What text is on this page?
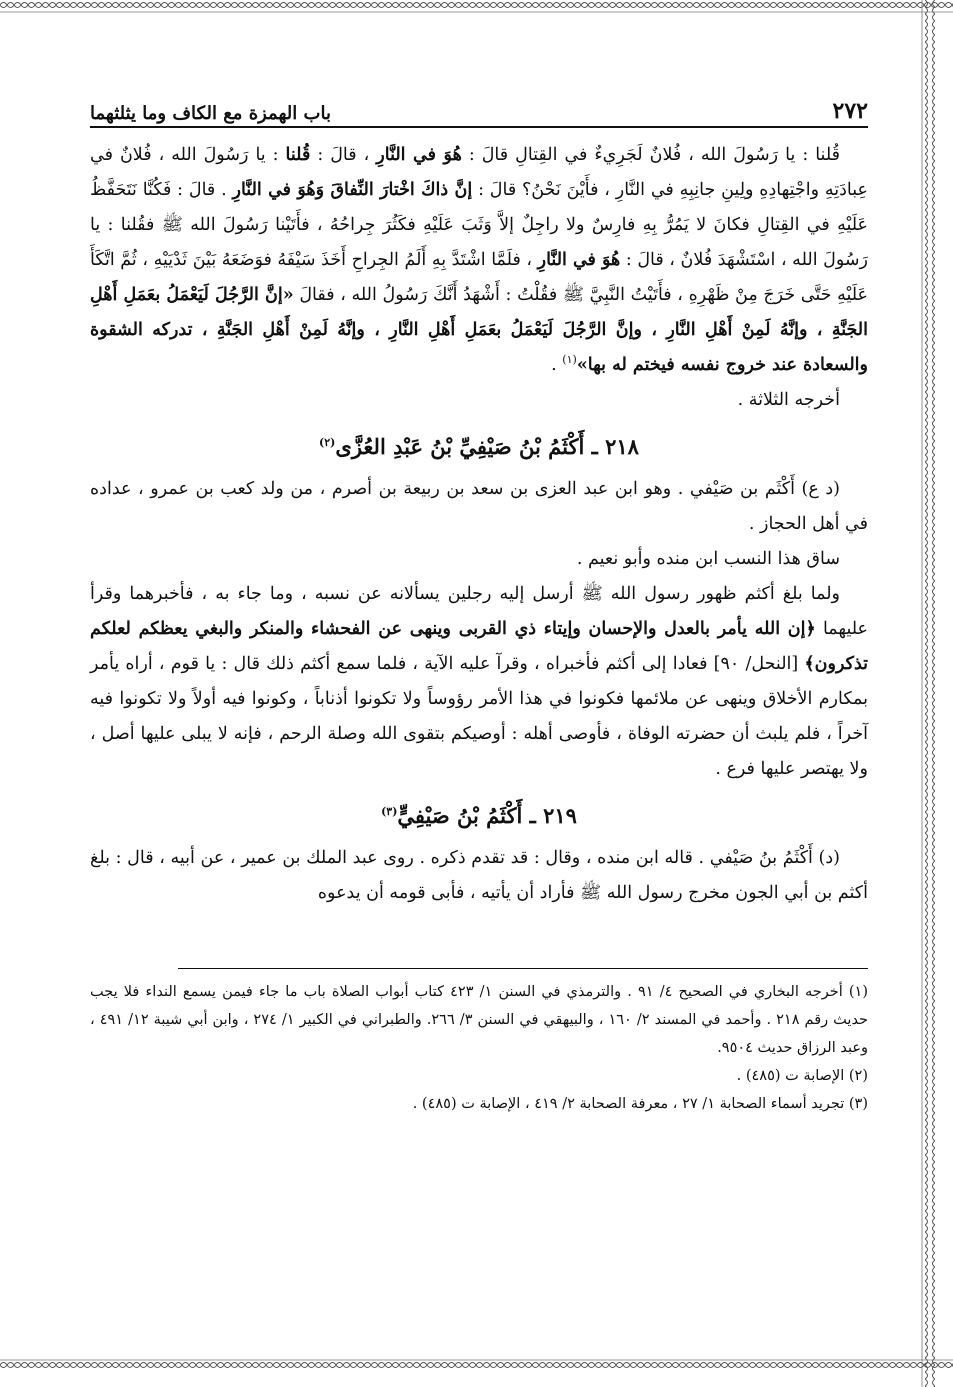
٢٧٢
باب الهمزة مع الكاف وما يثلثهما

قُلنا : يا رَسُولَ الله ، فُلانٌ لَجَرِيءٌ في القِتالِ قالَ : هُوَ في النَّارِ ، قالَ : قُلنا : يا رَسُولَ الله ، فُلانٌ في عِبادَتِهِ واجْتِهادِهِ ولِينِ جانِبِهِ في النَّارِ ، فأَيْنَ نَحْنُ؟ قالَ : إنَّ ذاكَ اخْتارَ النِّفاقَ وَهُوَ في النَّارِ . قالَ : فَكُنَّا نَتَحَفَّظُ عَلَيْهِ في القِتالِ فكانَ لا يَمُرُّ بِهِ فارِسٌ ولا راجِلٌ إلاَّ وَثَبَ عَلَيْهِ فكَثُرَ جِراحُهُ ، فأَتَيْنا رَسُولَ الله ﷺ فقُلنا : يا رَسُولَ الله ، اسْتَشْهَدَ فُلانٌ ، قالَ : هُوَ في النَّارِ ، فلَمَّا اشْتَدَّ بِهِ أَلَمُ الجِراحِ أَخَذَ سَيْفَهُ فوَضَعَهُ بَيْنَ ثَدْيَيْهِ ، ثُمَّ اتَّكَأَ عَلَيْهِ حَتَّى خَرَجَ مِنْ ظَهْرِهِ ، فأَتَيْتُ النَّبِيَّ ﷺ فقُلْتُ : أَشْهَدُ أَنَّكَ رَسُولُ الله ، فقالَ «إنَّ الرَّجُلَ لَيَعْمَلُ بعَمَلِ أَهْلِ الجَنَّةِ ، وإنَّهُ لَمِنْ أَهْلِ النَّارِ ، وإنَّ الرَّجُلَ لَيَعْمَلُ بعَمَلِ أَهْلِ النَّارِ ، وإنَّهُ لَمِنْ أَهْلِ الجَنَّةِ ، تدركه الشقوة والسعادة عند خروج نفسه فيختم له بها»$^{(١)}$ .

أخرجه الثلاثة .

٢١٨ ـ أَكْثَمُ بْنُ صَيْفِيِّ بْنُ عَبْدِ العُزَّى$^{(٢)}$

(د ع) أَكْثَم بن صَيْفي . وهو ابن عبد العزى بن سعد بن ربيعة بن أصرم ، من ولد كعب بن عمرو ، عداده في أهل الحجاز .

ساق هذا النسب ابن منده وأبو نعيم .

ولما بلغ أكثم ظهور رسول الله ﷺ أرسل إليه رجلين يسألانه عن نسبه ، وما جاء به ، فأخبرهما وقرأ عليهما ﴿إن الله يأمر بالعدل والإحسان وإيتاء ذي القربى وينهى عن الفحشاء والمنكر والبغي يعظكم لعلكم تذكرون﴾ [النحل/ ٩٠] فعادا إلى أكثم فأخبراه ، وقرآ عليه الآية ، فلما سمع أكثم ذلك قال : يا قوم ، أراه يأمر بمكارم الأخلاق وينهى عن ملائمها فكونوا في هذا الأمر رؤوساً ولا تكونوا أذناباً ، وكونوا فيه أولاً ولا تكونوا فيه آخراً ، فلم يلبث أن حضرته الوفاة ، فأوصى أهله : أوصيكم بتقوى الله وصلة الرحم ، فإنه لا يبلى عليها أصل ، ولا يهتصر عليها فرع .

٢١٩ ـ أَكْثَمُ بْنُ صَيْفِيٍّ$^{(٣)}$

(د) أَكْثَمُ بنُ صَيْفي . قاله ابن منده ، وقال : قد تقدم ذكره . روى عبد الملك بن عمير ، عن أبيه ، قال : بلغ أكثم بن أبي الجون مخرج رسول الله ﷺ فأراد أن يأتيه ، فأبى قومه أن يدعوه

(١) أخرجه البخاري في الصحيح ٤/ ٩١ . والترمذي في السنن ١/ ٤٢٣ كتاب أبواب الصلاة باب ما جاء فيمن يسمع النداء فلا يجب حديث رقم ٢١٨ . وأحمد في المسند ٢/ ١٦٠ ، والبيهقي في السنن ٣/ ٢٦٦. والطبراني في الكبير ١/ ٢٧٤ ، وابن أبي شيبة ١٢/ ٤٩١ ، وعبد الرزاق حديث ٩٥٠٤.

(٢) الإصابة ت (٤٨٥) .

(٣) تجريد أسماء الصحابة ١/ ٢٧ ، معرفة الصحابة ٢/ ٤١٩ ، الإصابة ت (٤٨٥) .
